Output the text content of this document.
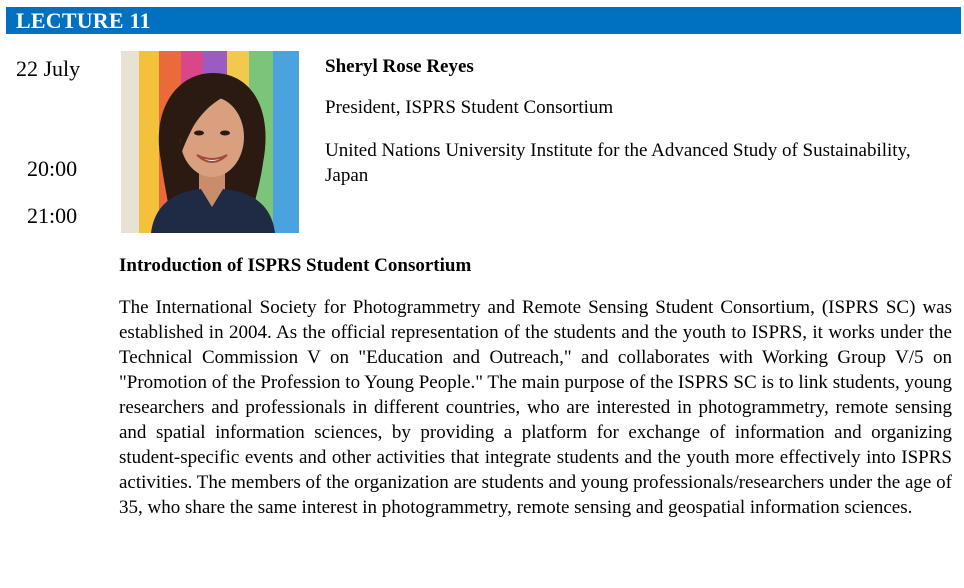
LECTURE 11
22 July
20:00
21:00
Sheryl Rose Reyes
President, ISPRS Student Consortium
United Nations University Institute for the Advanced Study of Sustainability, Japan
Introduction of ISPRS Student Consortium

The International Society for Photogrammetry and Remote Sensing Student Consortium, (ISPRS SC) was established in 2004. As the official representation of the students and the youth to ISPRS, it works under the Technical Commission V on "Education and Outreach," and collaborates with Working Group V/5 on "Promotion of the Profession to Young People." The main purpose of the ISPRS SC is to link students, young researchers and professionals in different countries, who are interested in photogrammetry, remote sensing and spatial information sciences, by providing a platform for exchange of information and organizing student-specific events and other activities that integrate students and the youth more effectively into ISPRS activities. The members of the organization are students and young professionals/researchers under the age of 35, who share the same interest in photogrammetry, remote sensing and geospatial information sciences.
